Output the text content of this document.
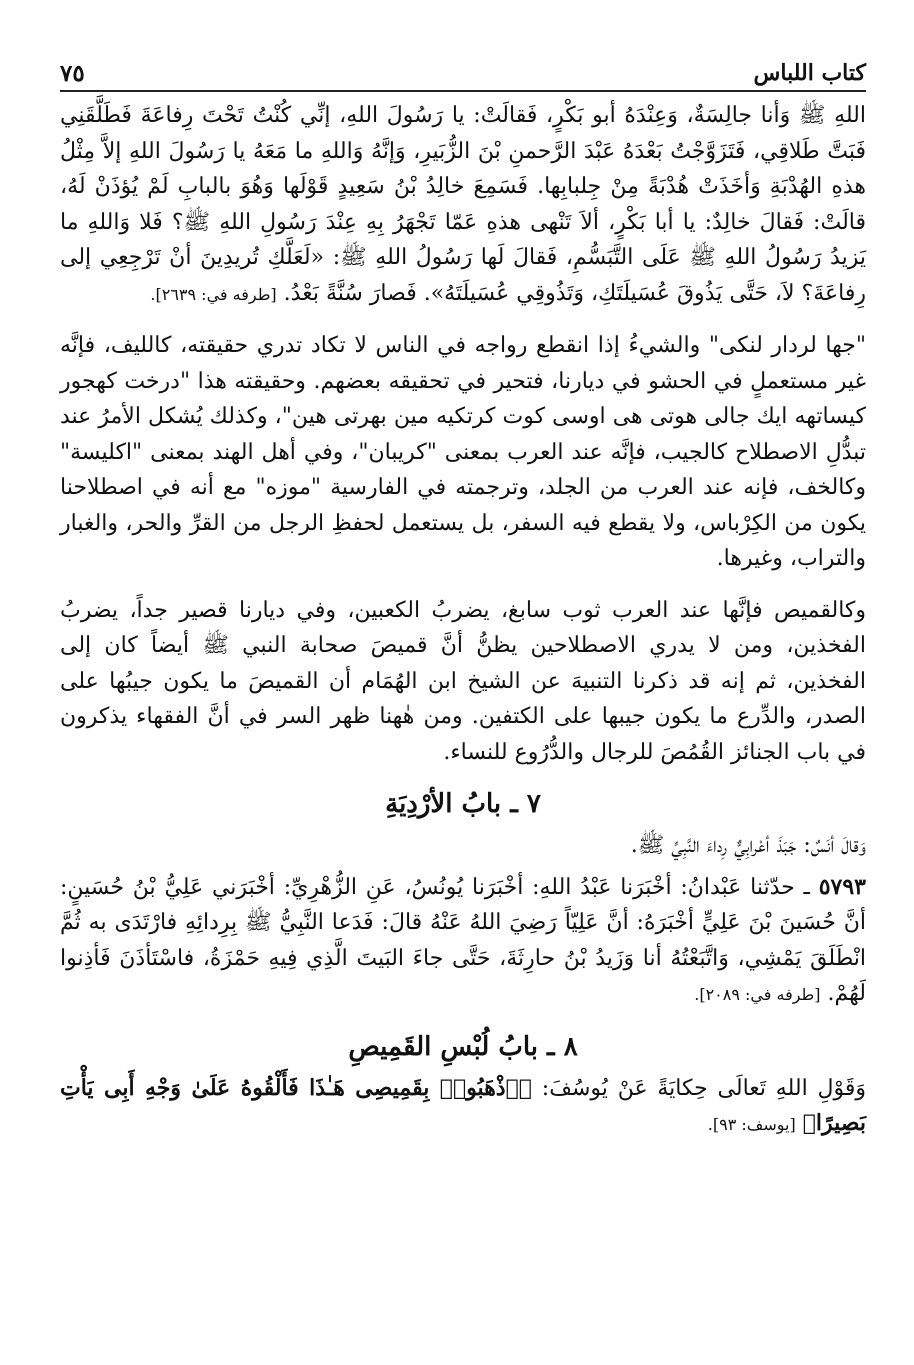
كتاب اللباس
٧٥

اللهِ ﷺ وَأنا جالِسَةٌ، وَعِنْدَهُ أبو بَكْرٍ، فَقالَتْ: يا رَسُولَ اللهِ، إنِّي كُنْتُ تَحْتَ رِفاعَةَ فَطَلَّقَنِي فَبَتَّ طَلاقِي، فَتَزَوَّجْتُ بَعْدَهُ عَبْدَ الرَّحمنِ بْنَ الزُّبَيرِ، وَإنَّهُ وَاللهِ ما مَعَهُ يا رَسُولَ اللهِ إلاَّ مِثْلُ هذهِ الهُدْبَةِ وَأخَذَتْ هُدْبَةً مِنْ جِلبابِها. فَسَمِعَ خالِدُ بْنُ سَعِيدٍ قَوْلَها وَهُوَ بالبابِ لَمْ يُؤذَنْ لَهُ، قالَتْ: فَقالَ خالِدٌ: يا أبا بَكْرٍ، ألاَ تَنْهى هذهِ عَمّا تَجْهَرُ بِهِ عِنْدَ رَسُولِ اللهِ ﷺ؟ فَلا وَاللهِ ما يَزيدُ رَسُولُ اللهِ ﷺ عَلَى التَّبَسُّمِ، فَقالَ لَها رَسُولُ اللهِ ﷺ: «لَعَلَّكِ تُريدِينَ أنْ تَرْجِعِي إلى رِفاعَةَ؟ لاَ، حَتَّى يَذُوقَ عُسَيلَتَكِ، وَتَذُوقِي عُسَيلَتَهُ». فَصارَ سُنَّةً بَعْدُ. [طرفه في: ٢٦٣٩].

"جها لردار لنكى" والشيءُ إذا انقطع رواجه في الناس لا تكاد تدري حقيقته، كالليف، فإنَّه غير مستعملٍ في الحشو في ديارنا، فتحير في تحقيقه بعضهم. وحقيقته هذا "درخت كهجور كيساتهه ايك جالى هوتى هى اوسى كوت كرتكيه مين بهرتى هين"، وكذلك يُشكل الأمرُ عند تبدُّلِ الاصطلاح كالجيب، فإنَّه عند العرب بمعنى "كريبان"، وفي أهل الهند بمعنى "اكليسة" وكالخف، فإنه عند العرب من الجلد، وترجمته في الفارسية "موزه" مع أنه في اصطلاحنا يكون من الكِرْباس، ولا يقطع فيه السفر، بل يستعمل لحفظِ الرجل من القرِّ والحر، والغبار والتراب، وغيرها.

وكالقميص فإنَّها عند العرب ثوب سابغ، يضربُ الكعبين، وفي ديارنا قصير جداً، يضربُ الفخذين، ومن لا يدري الاصطلاحين يظنُّ أنَّ قميصَ صحابة النبي ﷺ أيضاً كان إلى الفخذين، ثم إنه قد ذكرنا التنبيهَ عن الشيخ ابن الهُمَام أن القميصَ ما يكون جيبُها على الصدر، والدِّرع ما يكون جيبها على الكتفين. ومن هٰهنا ظهر السر في أنَّ الفقهاء يذكرون في باب الجنائز القُمُصَ للرجال والدُّرُوع للنساء.

٧ ـ بابُ الأرْدِيَةِ

وَقالَ أنَسٌ: جَبَذَ أعْرابِيٌّ رِداءَ النَّبِيِّ ﷺ.

٥٧٩٣ ـ حدّثنا عَبْدانُ: أخْبَرَنا عَبْدُ اللهِ: أخْبَرَنا يُونُسُ، عَنِ الزُّهْرِيِّ: أخْبَرَني عَلِيُّ بْنُ حُسَينٍ: أنَّ حُسَينَ بْنَ عَلِيٍّ أخْبَرَهُ: أنَّ عَلِيّاً رَضِيَ اللهُ عَنْهُ قالَ: فَدَعا النَّبِيُّ ﷺ بِرِدائِهِ فارْتَدَى به ثُمَّ انْطَلَقَ يَمْشِي، وَاتَّبَعْتُهُ أنا وَزَيدُ بْنُ حارِثَةَ، حَتَّى جاءَ البَيتَ الَّذِي فِيهِ حَمْزَةُ، فاسْتَأذَنَ فَأذِنوا لَهُمْ. [طرفه في: ٢٠٨٩].

٨ ـ بابُ لُبْسِ القَمِيصِ

وَقَوْلِ اللهِ تَعالَى حِكايَةً عَنْ يُوسُفَ: ﴿ٱذْهَبُوا۟ بِقَمِيصِى هَـٰذَا فَأَلْقُوهُ عَلَىٰ وَجْهِ أَبِى يَأْتِ بَصِيرًا﴾ [يوسف: ٩٣].
